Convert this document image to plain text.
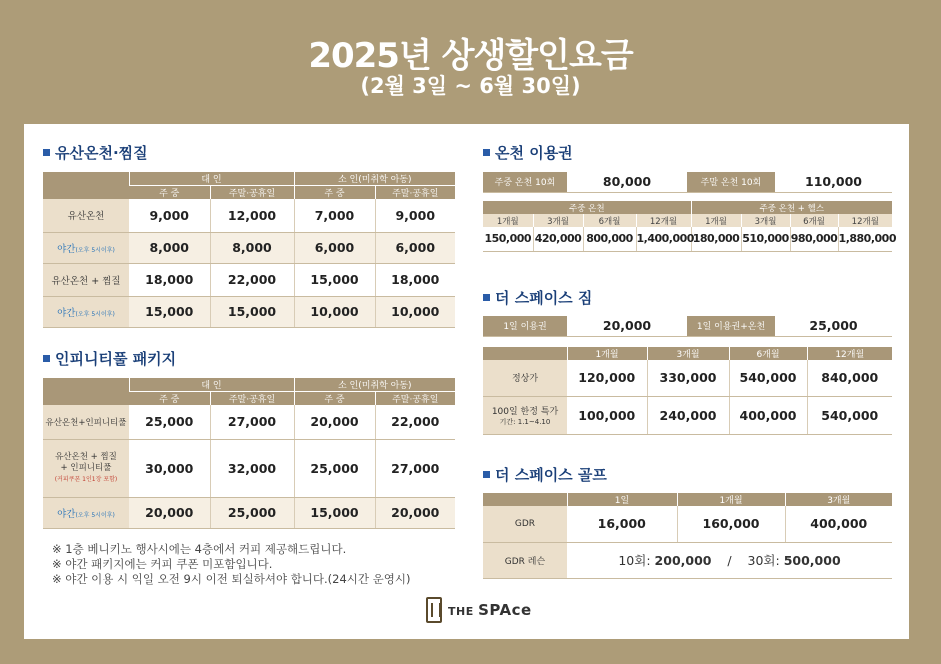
2025년 상생할인요금
(2월 3일 ~ 6월 30일)
유산온천·찜질
	대 인		소 인(미취학 아동)	
	주 중	주말·공휴일	주 중	주말·공휴일
유산온천	9,000	12,000	7,000	9,000
야간(오후 5시이후)	8,000	8,000	6,000	6,000
유산온천 + 찜질	18,000	22,000	15,000	18,000
야간(오후 5시이후)	15,000	15,000	10,000	10,000
인피니티풀 패키지
	대 인		소 인(미취학 아동)	
	주 중	주말·공휴일	주 중	주말·공휴일
유산온천+인피니티풀	25,000	27,000	20,000	22,000

유산온천 + 찜질
+ 인피니티풀
(커피쿠폰 1인1장 포함)	30,000	32,000	25,000	27,000
야간(오후 5시이후)	20,000	25,000	15,000	20,000
※ 1층 베니키노 행사시에는 4층에서 커피 제공해드립니다.
※ 야간 패키지에는 커피 쿠폰 미포함입니다.
※ 야간 이용 시 익일 오전 9시 이전 퇴실하셔야 합니다.(24시간 운영시)
온천 이용권
주중 온천 10회	80,000	주말 온천 10회	110,000
주중 온천				주중 온천 + 헬스			
1개월	3개월	6개월	12개월	1개월	3개월	6개월	12개월
150,000	420,000	800,000	1,400,000	180,000	510,000	980,000	1,880,000
더 스페이스 짐
1일 이용권	20,000	1일 이용권+온천	25,000
	1개월	3개월	6개월	12개월
정상가	120,000	330,000	540,000	840,000

100일 한정 특가
기간: 1.1~4.10	100,000	240,000	400,000	540,000
더 스페이스 골프
	1일	1개월	3개월
GDR	16,000	160,000	400,000
GDR 레슨	10회: 200,000 / 30회: 500,000		
THE SPAce
